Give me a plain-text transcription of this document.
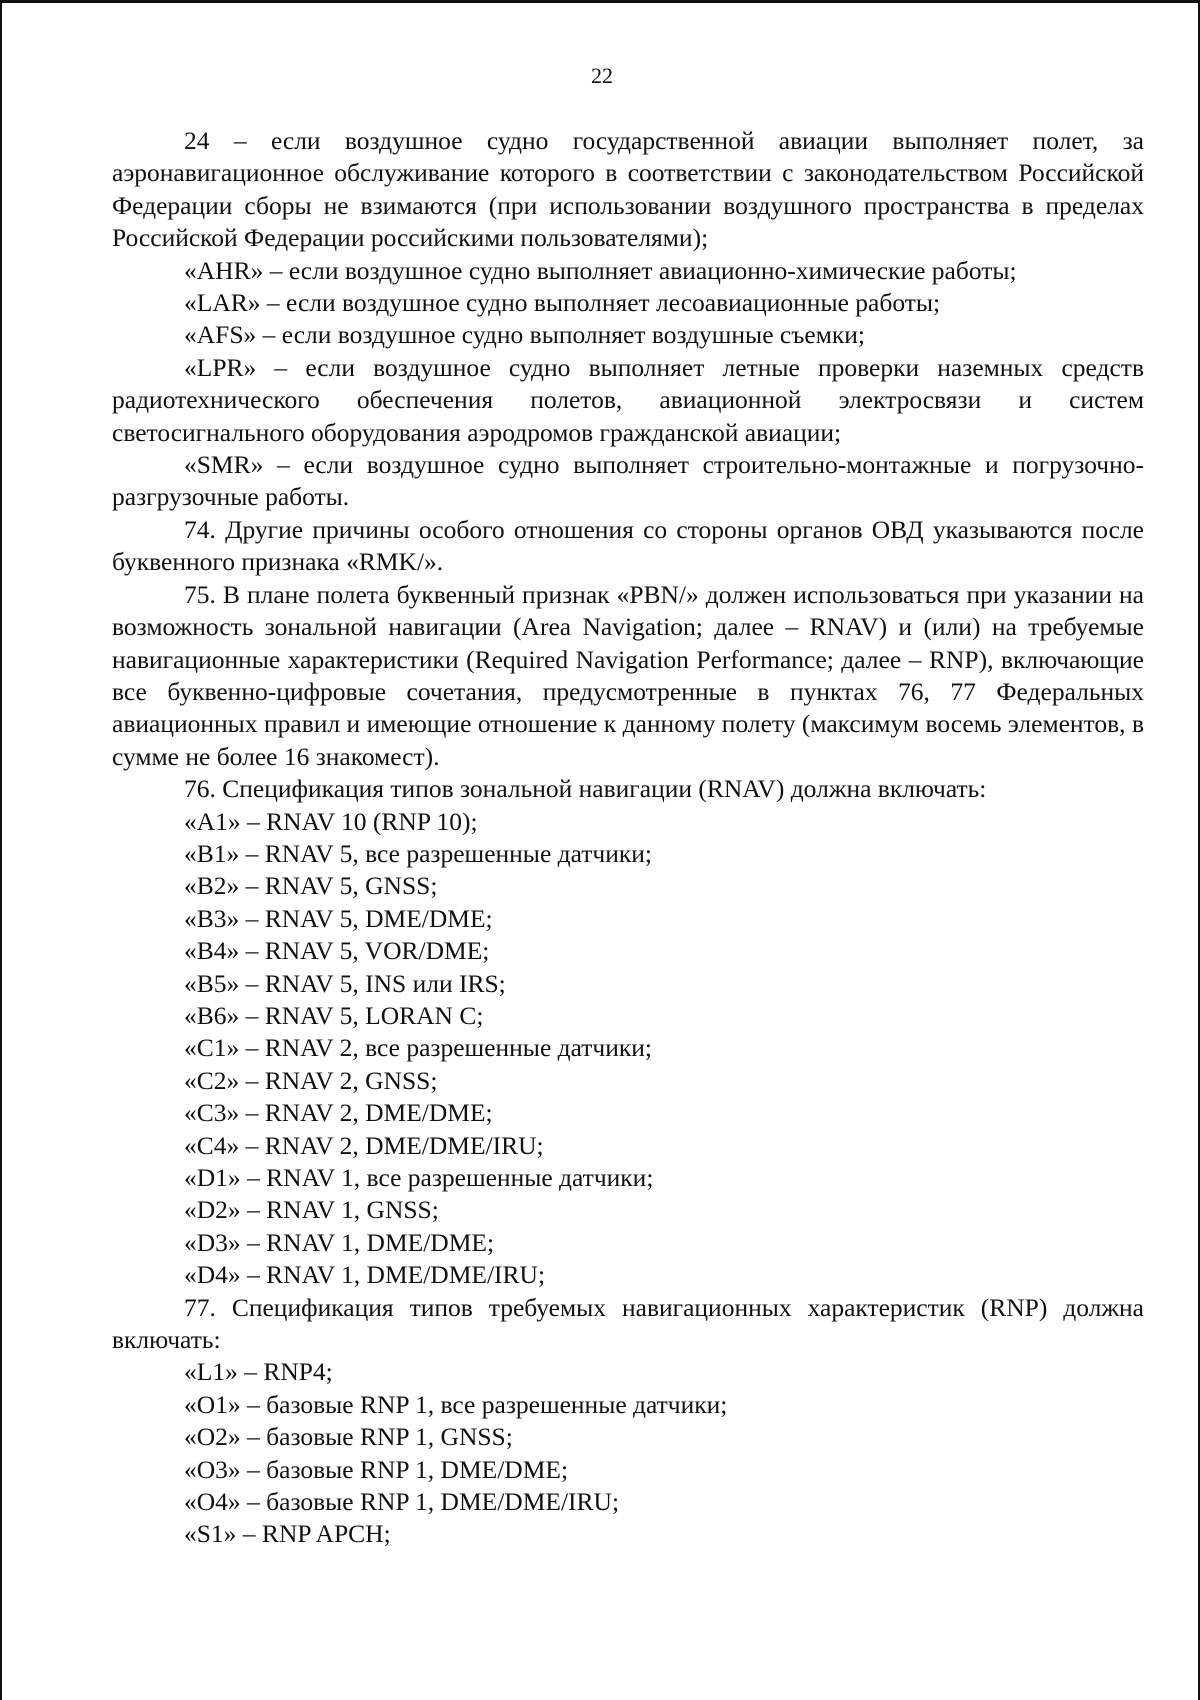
22

24 – если воздушное судно государственной авиации выполняет полет, за аэронавигационное обслуживание которого в соответствии с законодательством Российской Федерации сборы не взимаются (при использовании воздушного пространства в пределах Российской Федерации российскими пользователями);

«AHR» – если воздушное судно выполняет авиационно-химические работы;

«LAR» – если воздушное судно выполняет лесоавиационные работы;

«AFS» – если воздушное судно выполняет воздушные съемки;

«LPR» – если воздушное судно выполняет летные проверки наземных средств радиотехнического обеспечения полетов, авиационной электросвязи и систем светосигнального оборудования аэродромов гражданской авиации;

«SMR» – если воздушное судно выполняет строительно-монтажные и погрузочно-разгрузочные работы.

74. Другие причины особого отношения со стороны органов ОВД указываются после буквенного признака «RMK/».

75. В плане полета буквенный признак «PBN/» должен использоваться при указании на возможность зональной навигации (Area Navigation; далее – RNAV) и (или) на требуемые навигационные характеристики (Required Navigation Performance; далее – RNP), включающие все буквенно-цифровые сочетания, предусмотренные в пунктах 76, 77 Федеральных авиационных правил и имеющие отношение к данному полету (максимум восемь элементов, в сумме не более 16 знакомест).

76. Спецификация типов зональной навигации (RNAV) должна включать:

«A1» – RNAV 10 (RNP 10);
«B1» – RNAV 5, все разрешенные датчики;
«B2» – RNAV 5, GNSS;
«B3» – RNAV 5, DME/DME;
«B4» – RNAV 5, VOR/DME;
«B5» – RNAV 5, INS или IRS;
«B6» – RNAV 5, LORAN C;
«C1» – RNAV 2, все разрешенные датчики;
«C2» – RNAV 2, GNSS;
«C3» – RNAV 2, DME/DME;
«C4» – RNAV 2, DME/DME/IRU;
«D1» – RNAV 1, все разрешенные датчики;
«D2» – RNAV 1, GNSS;
«D3» – RNAV 1, DME/DME;
«D4» – RNAV 1, DME/DME/IRU;

77. Спецификация типов требуемых навигационных характеристик (RNP) должна включать:

«L1» – RNP4;
«O1» – базовые RNP 1, все разрешенные датчики;
«O2» – базовые RNP 1, GNSS;
«O3» – базовые RNP 1, DME/DME;
«O4» – базовые RNP 1, DME/DME/IRU;
«S1» – RNP APCH;
